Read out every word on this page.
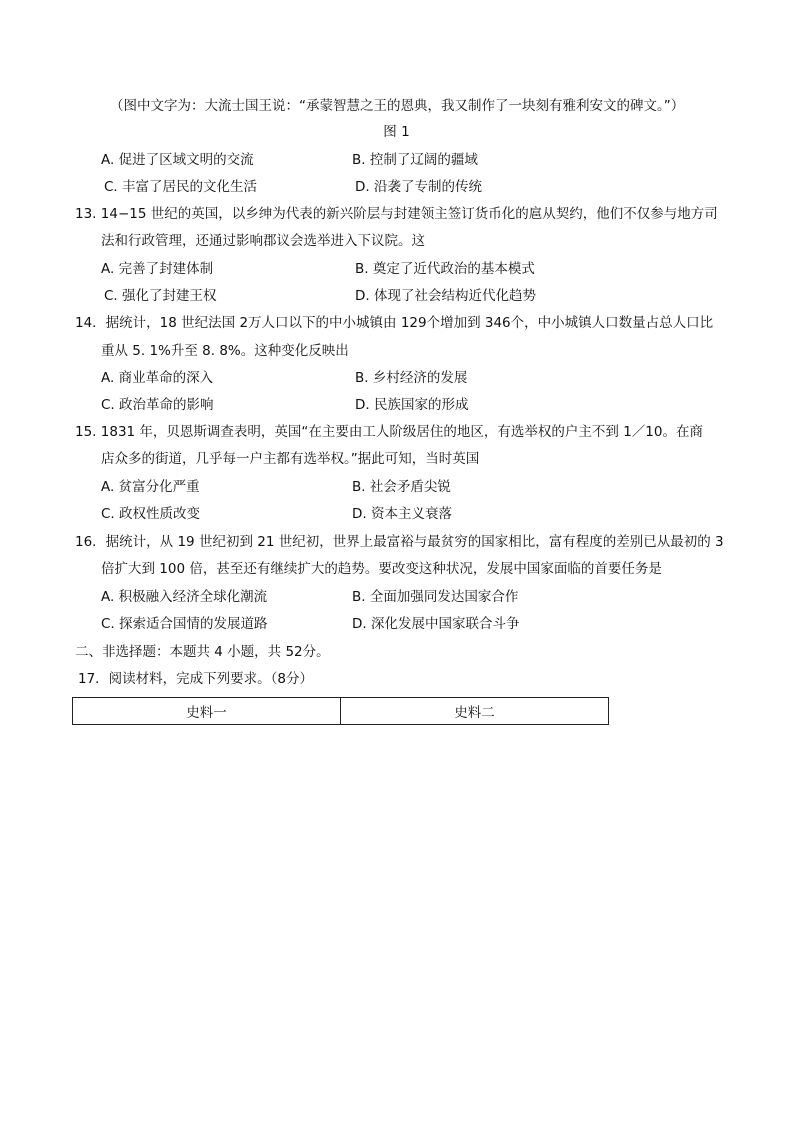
（图中文字为：大流士国王说：“承蒙智慧之王的恩典，我又制作了一块刻有雅利安文的碑文。”）
图 1
A. 促进了区域文明的交流	B. 控制了辽阔的疆域
C. 丰富了居民的文化生活	D. 沿袭了专制的传统
13. 14−15 世纪的英国，以乡绅为代表的新兴阶层与封建领主签订货币化的扈从契约，他们不仅参与地方司
法和行政管理，还通过影响郡议会选举进入下议院。这
A. 完善了封建体制	B. 奠定了近代政治的基本模式
C. 强化了封建王权	D. 体现了社会结构近代化趋势
14．据统计，18 世纪法国 2万人口以下的中小城镇由 129个增加到 346个，中小城镇人口数量占总人口比
重从 5. 1%升至 8. 8%。这种变化反映出
A. 商业革命的深入	B. 乡村经济的发展
C. 政治革命的影响	D. 民族国家的形成
15. 1831 年，贝恩斯调查表明，英国“在主要由工人阶级居住的地区，有选举权的户主不到 1／10。在商
店众多的街道，几乎每一户主都有选举权。”据此可知，当时英国
A. 贫富分化严重	B. 社会矛盾尖锐
C. 政权性质改变	D. 资本主义衰落
16．据统计，从 19 世纪初到 21 世纪初，世界上最富裕与最贫穷的国家相比，富有程度的差别已从最初的 3
倍扩大到 100 倍，甚至还有继续扩大的趋势。要改变这种状况，发展中国家面临的首要任务是
A. 积极融入经济全球化潮流	B. 全面加强同发达国家合作
C. 探索适合国情的发展道路	D. 深化发展中国家联合斗争
二、非选择题：本题共 4 小题，共 52分。
17．阅读材料，完成下列要求。（8分）
史料一	史料二
